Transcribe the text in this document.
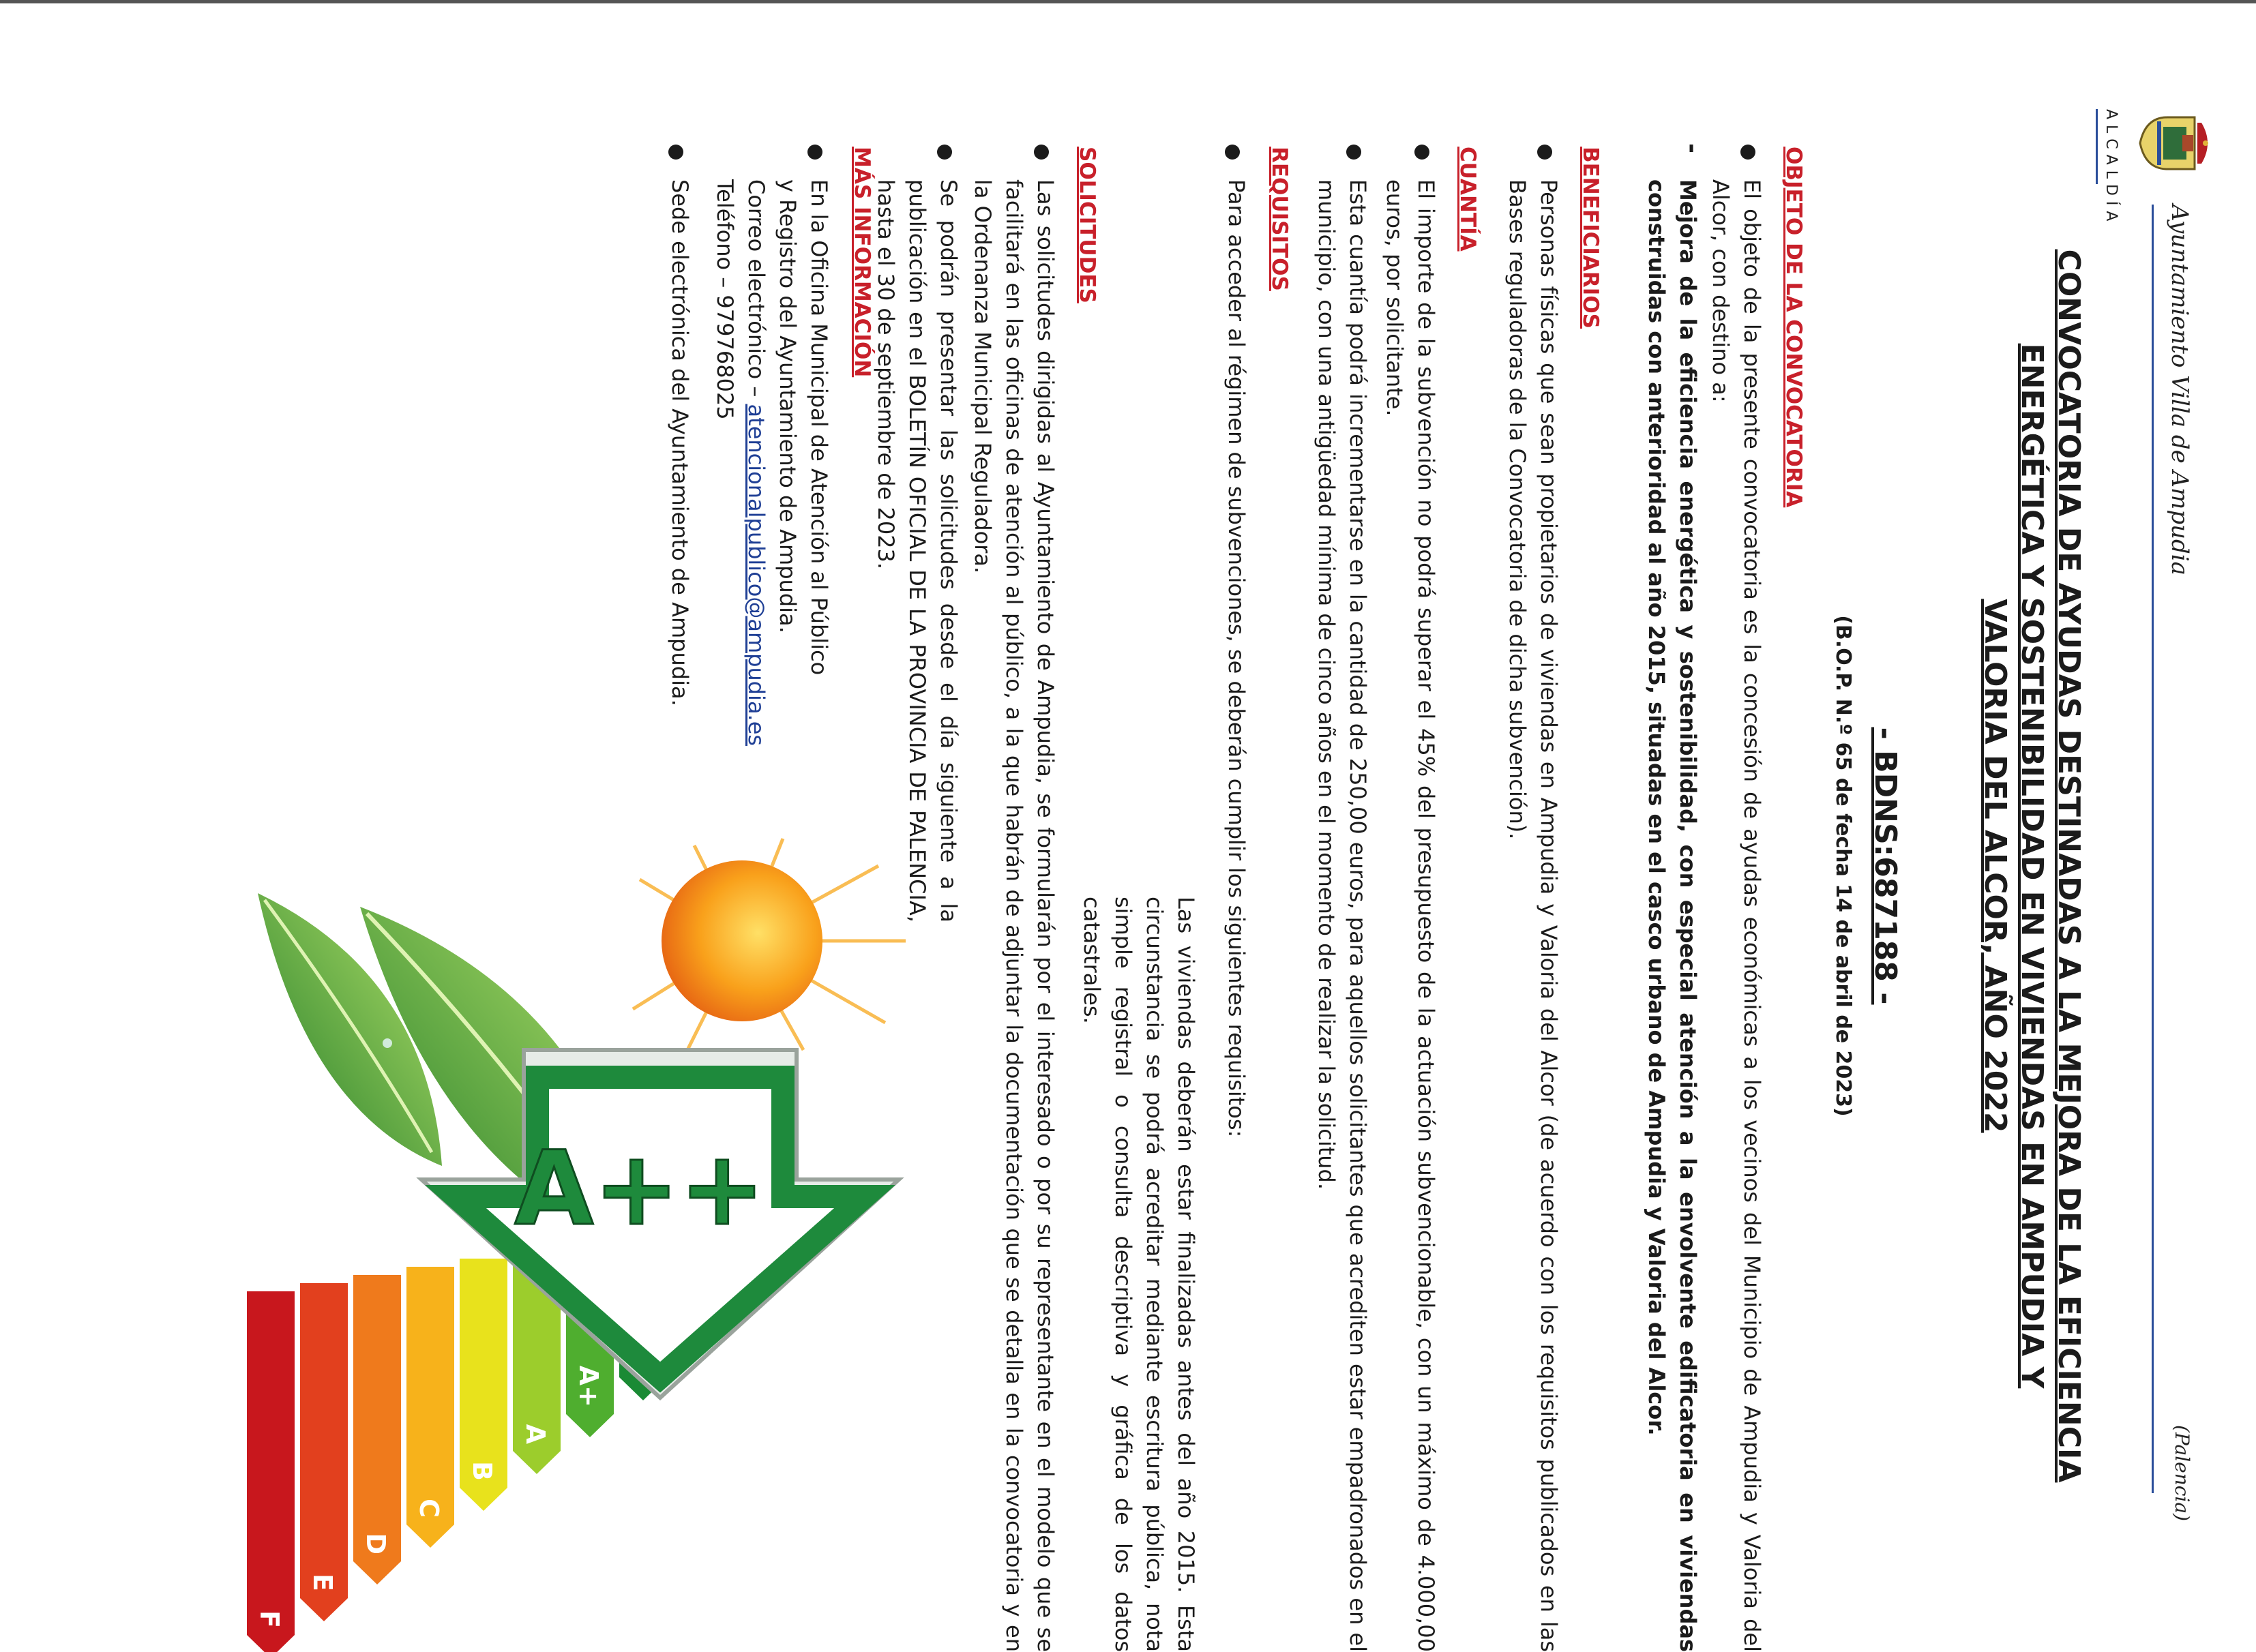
Ayuntamiento Villa de Ampudia
(Palencia)
ALCALDÍA
CONVOCATORIA DE AYUDAS DESTINADAS A LA MEJORA DE LA EFICIENCIA
ENERGÉTICA Y SOSTENIBILIDAD EN VIVIENDAS EN AMPUDIA Y
VALORIA DEL ALCOR, AÑO 2022
- BDNS:687188 -
(B.O.P. N.º 65 de fecha 14 de abril de 2023)
OBJETO DE LA CONVOCATORIA
El objeto de la presente convocatoria es la concesión de ayudas económicas a los vecinos del Municipio de Ampudia y Valoria del Alcor, con destino a:
-
Mejora de la eficiencia energética y sostenibilidad, con especial atención a la envolvente edificatoria en viviendas construidas con anterioridad al año 2015, situadas en el casco urbano de Ampudia y Valoria del Alcor.
BENEFICIARIOS
Personas físicas que sean propietarios de viviendas en Ampudia y Valoria del Alcor (de acuerdo con los requisitos publicados en las Bases reguladoras de la Convocatoria de dicha subvención).
CUANTÍA
El importe de la subvención no podrá superar el 45% del presupuesto de la actuación subvencionable, con un máximo de 4.000,00 euros, por solicitante.
Esta cuantía podrá incrementarse en la cantidad de 250,00 euros, para aquellos solicitantes que acrediten estar empadronados en el municipio, con una antigüedad mínima de cinco años en el momento de realizar la solicitud.
REQUISITOS
Para acceder al régimen de subvenciones, se deberán cumplir los siguientes requisitos:
Las viviendas deberán estar finalizadas antes del año 2015. Esta circunstancia se podrá acreditar mediante escritura pública, nota simple registral o consulta descriptiva y gráfica de los datos catastrales.
SOLICITUDES
Las solicitudes dirigidas al Ayuntamiento de Ampudia, se formularán por el interesado o por su representante en el modelo que se facilitará en las oficinas de atención al público, a la que habrán de adjuntar la documentación que se detalla en la convocatoria y en la Ordenanza Municipal Reguladora.
Se podrán presentar las solicitudes desde el día siguiente a la publicación en el BOLETÍN OFICIAL DE LA PROVINCIA DE PALENCIA, hasta el 30 de septiembre de 2023.
MÁS INFORMACIÓN
En la Oficina Municipal de Atención al Público
y Registro del Ayuntamiento de Ampudia.
Correo electrónico – atencionalpublico@ampudia.es
Teléfono – 979768025
Sede electrónica del Ayuntamiento de Ampudia.
A+
A
B
C
D
E
F
A++
